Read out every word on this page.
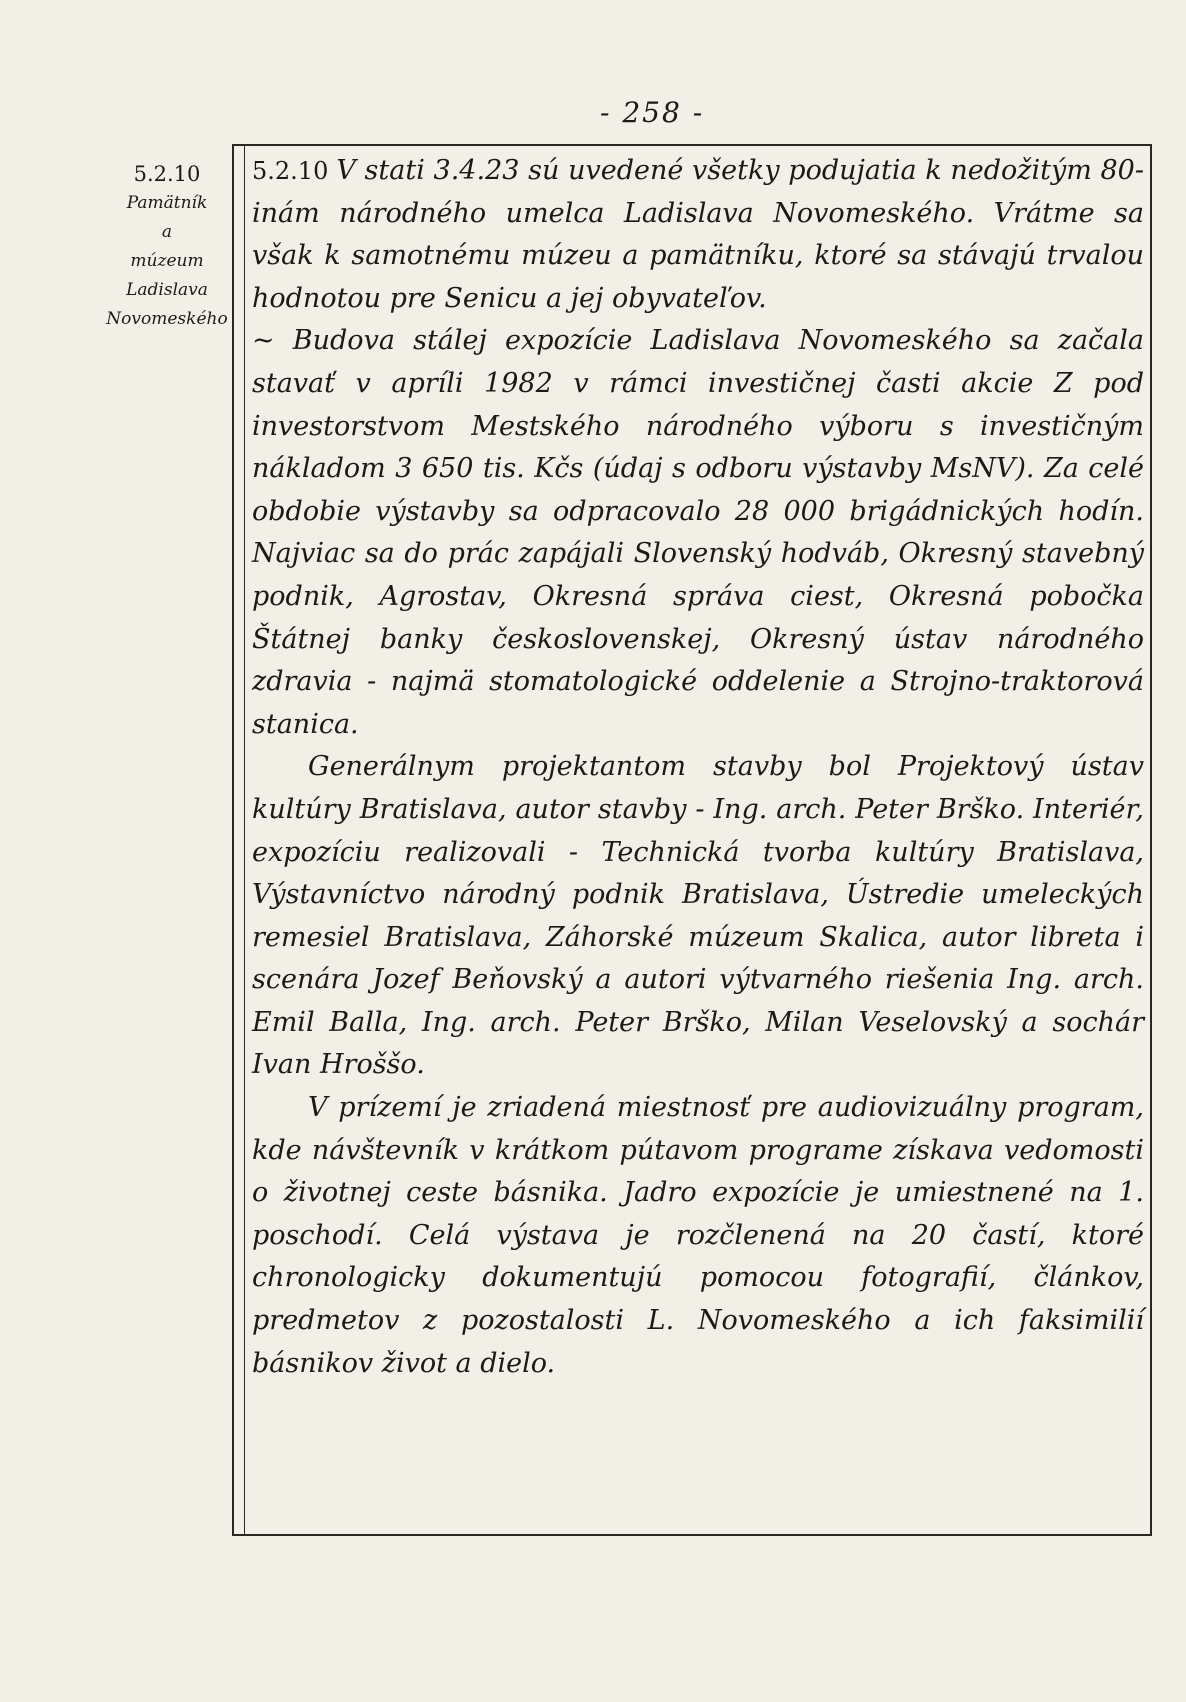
- 258 -
5.2.10
Pamätník
a
múzeum
Ladislava
Novomeského

5.2.10 V stati 3.4.23 sú uvedené všetky podujatia k nedožitým 80-inám národného umelca Ladislava Novomeského. Vrátme sa však k samotnému múzeu a pamätníku, ktoré sa stávajú trvalou hodnotou pre Senicu a jej obyvateľov.

~ Budova stálej expozície Ladislava Novomeského sa začala stavať v apríli 1982 v rámci investičnej časti akcie Z pod investorstvom Mestského národného výboru s investičným nákladom 3 650 tis. Kčs (údaj s odboru výstavby MsNV). Za celé obdobie výstavby sa odpracovalo 28 000 brigádnických hodín. Najviac sa do prác zapájali Slovenský hodváb, Okresný stavebný podnik, Agrostav, Okresná správa ciest, Okresná pobočka Štátnej banky československej, Okresný ústav národného zdravia - najmä stomatologické oddelenie a Strojno-traktorová stanica.

Generálnym projektantom stavby bol Projektový ústav kultúry Bratislava, autor stavby - Ing. arch. Peter Brško. Interiér, expozíciu realizovali - Technická tvorba kultúry Bratislava, Výstavníctvo národný podnik Bratislava, Ústredie umeleckých remesiel Bratislava, Záhorské múzeum Skalica, autor libreta i scenára Jozef Beňovský a autori výtvarného riešenia Ing. arch. Emil Balla, Ing. arch. Peter Brško, Milan Veselovský a sochár Ivan Hroššo.

V prízemí je zriadená miestnosť pre audiovizuálny program, kde návštevník v krátkom pútavom programe získava vedomosti o životnej ceste básnika. Jadro expozície je umiestnené na 1. poschodí. Celá výstava je rozčlenená na 20 častí, ktoré chronologicky dokumentujú pomocou fotografií, článkov, predmetov z pozostalosti L. Novomeského a ich faksimilií básnikov život a dielo.
